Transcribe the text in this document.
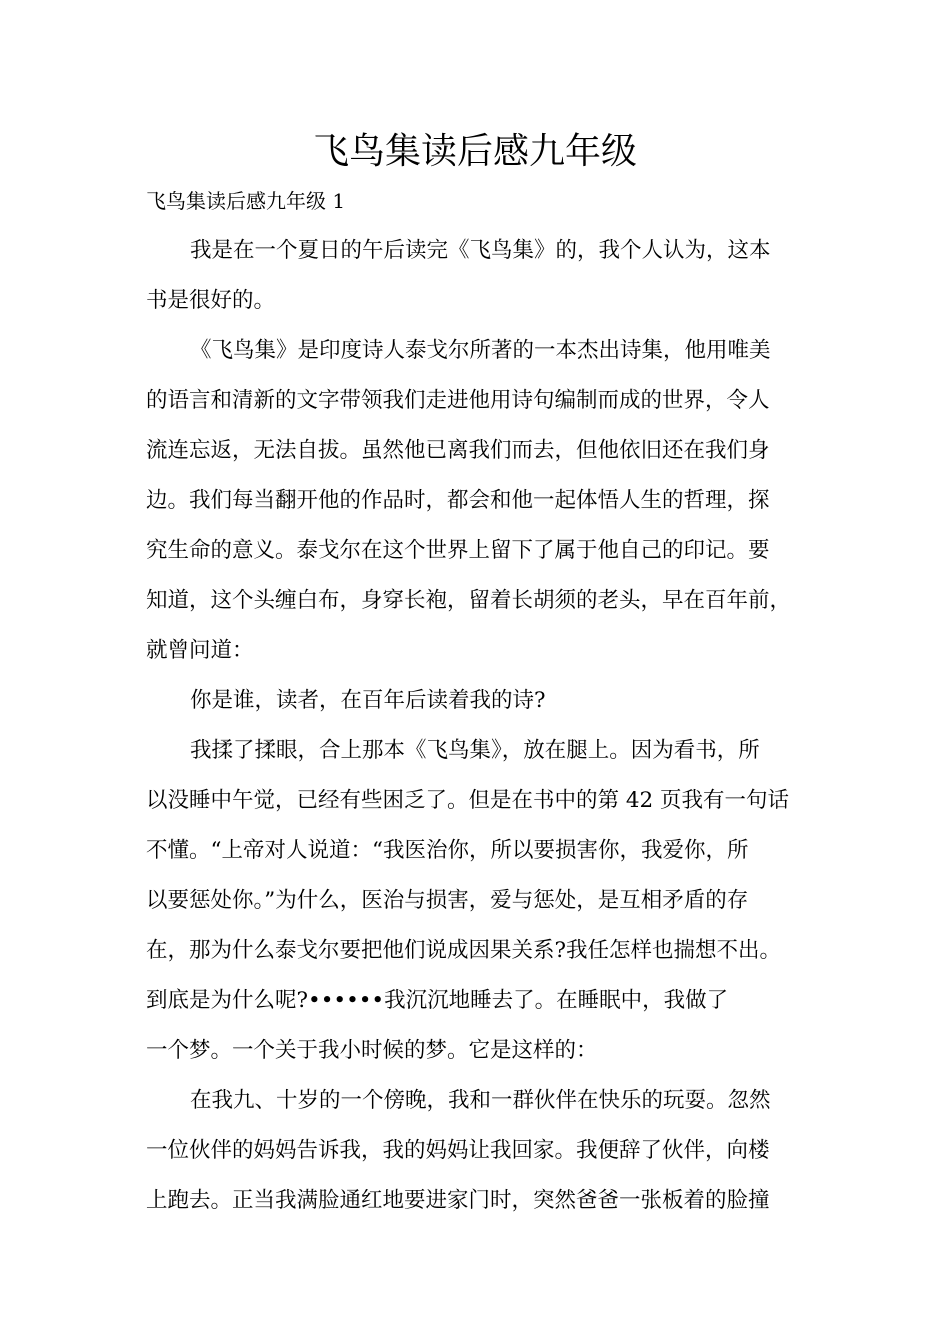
飞鸟集读后感九年级

飞鸟集读后感九年级 1

我是在一个夏日的午后读完《飞鸟集》的，我个人认为，这本

书是很好的。

《飞鸟集》是印度诗人泰戈尔所著的一本杰出诗集，他用唯美

的语言和清新的文字带领我们走进他用诗句编制而成的世界，令人

流连忘返，无法自拔。虽然他已离我们而去，但他依旧还在我们身

边。我们每当翻开他的作品时，都会和他一起体悟人生的哲理，探

究生命的意义。泰戈尔在这个世界上留下了属于他自己的印记。要

知道，这个头缠白布，身穿长袍，留着长胡须的老头，早在百年前，

就曾问道：

你是谁，读者，在百年后读着我的诗?

我揉了揉眼，合上那本《飞鸟集》，放在腿上。因为看书，所

以没睡中午觉，已经有些困乏了。但是在书中的第 42 页我有一句话

不懂。“上帝对人说道：“我医治你，所以要损害你，我爱你，所

以要惩处你。”为什么，医治与损害，爱与惩处，是互相矛盾的存

在，那为什么泰戈尔要把他们说成因果关系?我任怎样也揣想不出。

到底是为什么呢?••••••我沉沉地睡去了。在睡眠中，我做了

一个梦。一个关于我小时候的梦。它是这样的：

在我九、十岁的一个傍晚，我和一群伙伴在快乐的玩耍。忽然

一位伙伴的妈妈告诉我，我的妈妈让我回家。我便辞了伙伴，向楼

上跑去。正当我满脸通红地要进家门时，突然爸爸一张板着的脸撞
